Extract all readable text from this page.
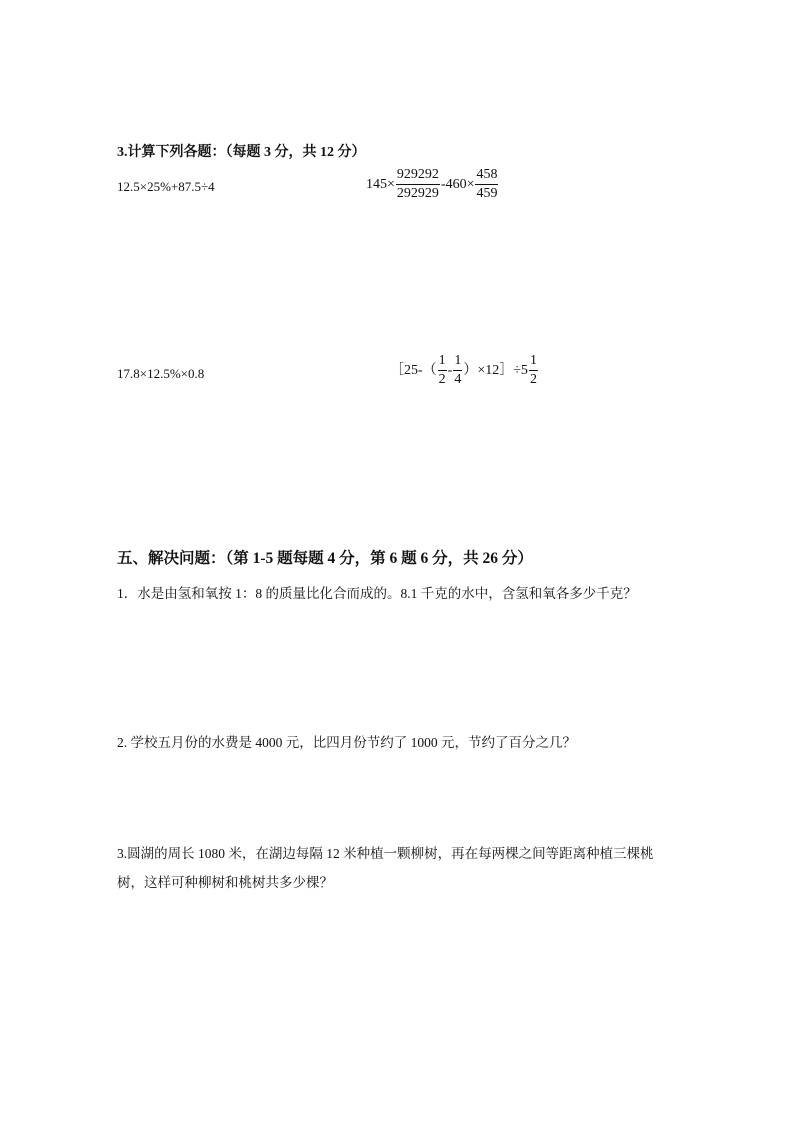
3.计算下列各题：（每题 3 分，共 12 分）
12.5×25%+87.5÷4	$145\times \frac{929292}{292929} -460\times \frac{458}{459}$
17.8×12.5%×0.8	［25-（ $\frac{1}{2} - \frac{1}{4}$ ）×12］÷5 $\frac{1}{2}$
五、解决问题：（第 1-5 题每题 4 分，第 6 题 6 分，共 26 分）
1．水是由氢和氧按 1：8 的质量比化合而成的。8.1 千克的水中，含氢和氧各多少千克？
2. 学校五月份的水费是 4000 元，比四月份节约了 1000 元，节约了百分之几？
3.圆湖的周长 1080 米，在湖边每隔 12 米种植一颗柳树，再在每两棵之间等距离种植三棵桃
树，这样可种柳树和桃树共多少棵？
